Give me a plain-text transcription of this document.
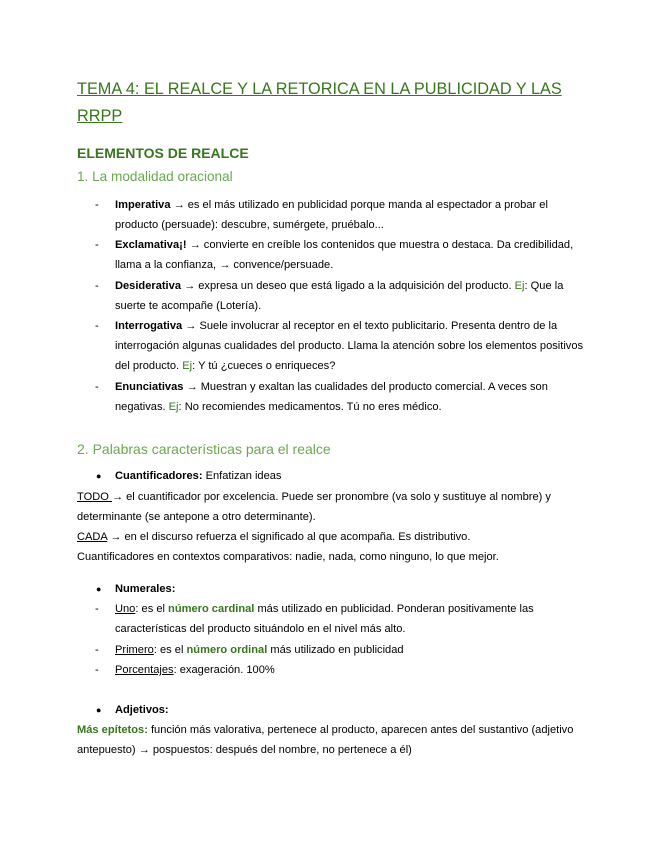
TEMA 4: EL REALCE Y LA RETORICA EN LA PUBLICIDAD Y LAS RRPP
ELEMENTOS DE REALCE
1. La modalidad oracional
- Imperativa → es el más utilizado en publicidad porque manda al espectador a probar el producto (persuade): descubre, sumérgete, pruébalo...
- Exclamativa¡! → convierte en creíble los contenidos que muestra o destaca. Da credibilidad, llama a la confianza, → convence/persuade.
- Desiderativa → expresa un deseo que está ligado a la adquisición del producto. Ej: Que la suerte te acompañe (Lotería).
- Interrogativa → Suele involucrar al receptor en el texto publicitario. Presenta dentro de la interrogación algunas cualidades del producto. Llama la atención sobre los elementos positivos del producto. Ej: Y tú ¿cueces o enriqueces?
- Enunciativas → Muestran y exaltan las cualidades del producto comercial. A veces son negativas. Ej: No recomiendes medicamentos. Tú no eres médico.
2. Palabras características para el realce
● Cuantificadores: Enfatizan ideas
TODO → el cuantificador por excelencia. Puede ser pronombre (va solo y sustituye al nombre) y determinante (se antepone a otro determinante).
CADA → en el discurso refuerza el significado al que acompaña. Es distributivo.
Cuantificadores en contextos comparativos: nadie, nada, como ninguno, lo que mejor.
● Numerales:
- Uno: es el número cardinal más utilizado en publicidad. Ponderan positivamente las características del producto situándolo en el nivel más alto.
- Primero: es el número ordinal más utilizado en publicidad
- Porcentajes: exageración. 100%
● Adjetivos:
Más epítetos: función más valorativa, pertenece al producto, aparecen antes del sustantivo (adjetivo antepuesto) → pospuestos: después del nombre, no pertenece a él)
